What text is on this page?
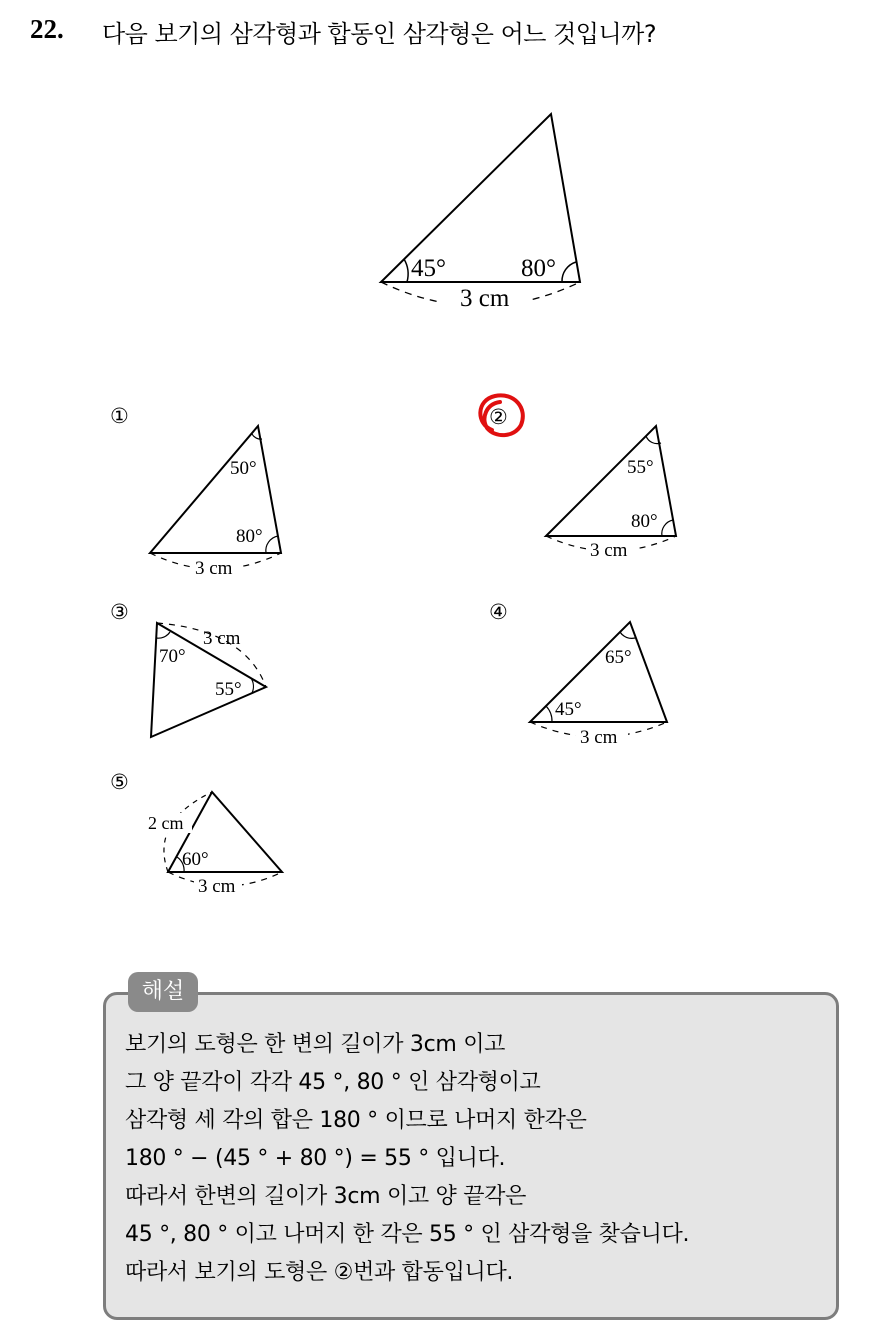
22. 다음 보기의 삼각형과 합동인 삼각형은 어느 것입니까?
45°	80°
3 cm
①
50°
80°
3 cm
②
55°
80°
3 cm
③
3 cm
70°
55°
④
65°
45°
3 cm
⑤
2 cm
60°
3 cm
해설
보기의 도형은 한 변의 길이가 3cm 이고
그 양 끝각이 각각 45 °, 80 ° 인 삼각형이고
삼각형 세 각의 합은 180 ° 이므로 나머지 한각은
180 ° − (45 ° + 80 °) = 55 ° 입니다.
따라서 한변의 길이가 3cm 이고 양 끝각은
45 °, 80 ° 이고 나머지 한 각은 55 ° 인 삼각형을 찾습니다.
따라서 보기의 도형은 ②번과 합동입니다.
